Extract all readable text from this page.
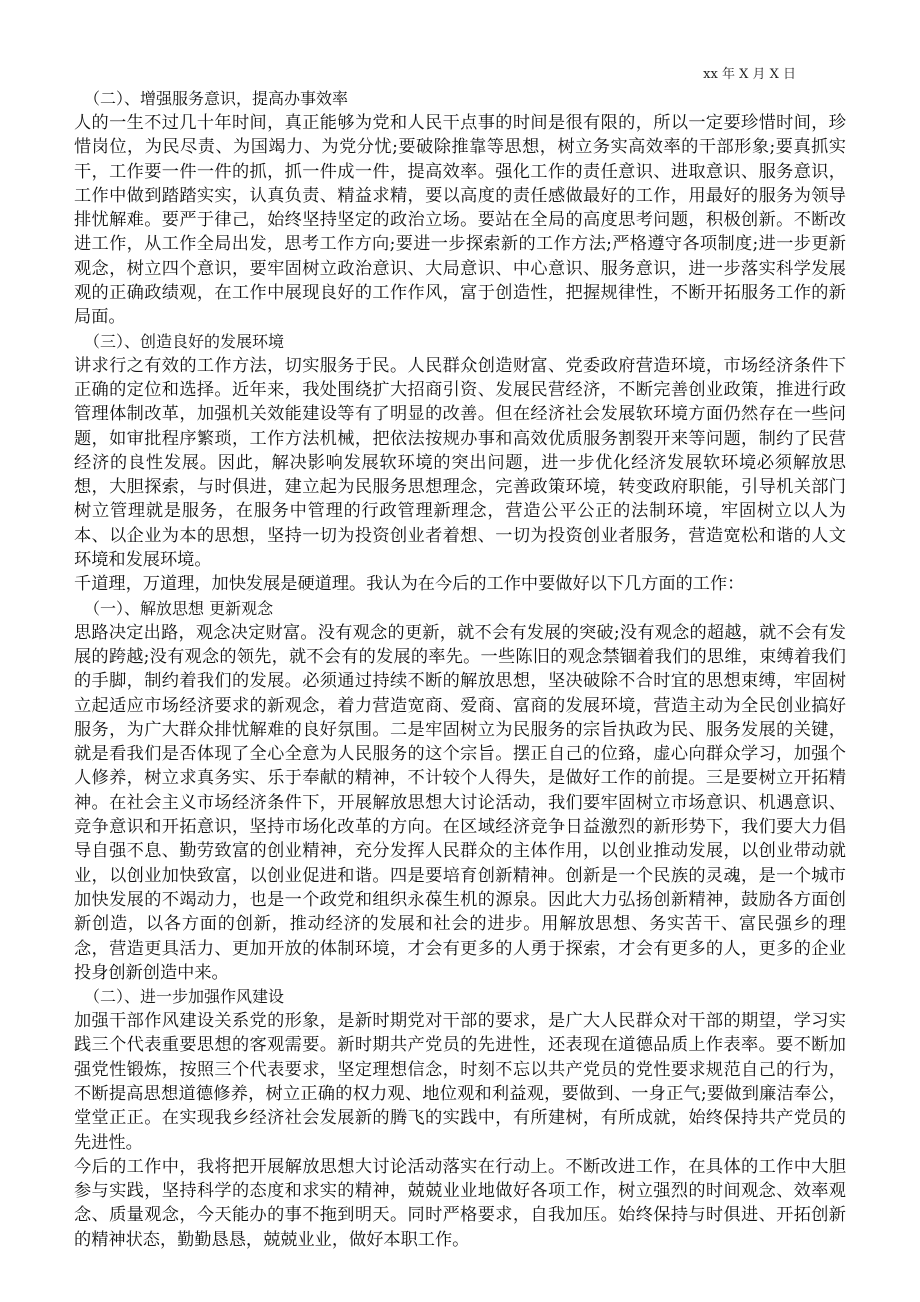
xx 年 X 月 X 日

（二）、增强服务意识，提高办事效率

人的一生不过几十年时间，真正能够为党和人民干点事的时间是很有限的，所以一定要珍惜时间，珍惜岗位，为民尽责、为国竭力、为党分忧;要破除推靠等思想，树立务实高效率的干部形象;要真抓实干，工作要一件一件的抓，抓一件成一件，提高效率。强化工作的责任意识、进取意识、服务意识，工作中做到踏踏实实，认真负责、精益求精，要以高度的责任感做最好的工作，用最好的服务为领导排忧解难。要严于律己，始终坚持坚定的政治立场。要站在全局的高度思考问题，积极创新。不断改进工作，从工作全局出发，思考工作方向;要进一步探索新的工作方法;严格遵守各项制度;进一步更新观念，树立四个意识，要牢固树立政治意识、大局意识、中心意识、服务意识，进一步落实科学发展观的正确政绩观，在工作中展现良好的工作作风，富于创造性，把握规律性，不断开拓服务工作的新局面。

（三）、创造良好的发展环境

讲求行之有效的工作方法，切实服务于民。人民群众创造财富、党委政府营造环境，市场经济条件下正确的定位和选择。近年来，我处围绕扩大招商引资、发展民营经济，不断完善创业政策，推进行政管理体制改革，加强机关效能建设等有了明显的改善。但在经济社会发展软环境方面仍然存在一些问题，如审批程序繁琐，工作方法机械，把依法按规办事和高效优质服务割裂开来等问题，制约了民营经济的良性发展。因此，解决影响发展软环境的突出问题，进一步优化经济发展软环境必须解放思想，大胆探索，与时俱进，建立起为民服务思想理念，完善政策环境，转变政府职能，引导机关部门树立管理就是服务，在服务中管理的行政管理新理念，营造公平公正的法制环境，牢固树立以人为本、以企业为本的思想，坚持一切为投资创业者着想、一切为投资创业者服务，营造宽松和谐的人文环境和发展环境。

千道理，万道理，加快发展是硬道理。我认为在今后的工作中要做好以下几方面的工作：

（一）、解放思想 更新观念

思路决定出路，观念决定财富。没有观念的更新，就不会有发展的突破;没有观念的超越，就不会有发展的跨越;没有观念的领先，就不会有的发展的率先。一些陈旧的观念禁锢着我们的思维，束缚着我们的手脚，制约着我们的发展。必须通过持续不断的解放思想，坚决破除不合时宜的思想束缚，牢固树立起适应市场经济要求的新观念，着力营造宽商、爱商、富商的发展环境，营造主动为全民创业搞好服务，为广大群众排忧解难的良好氛围。二是牢固树立为民服务的宗旨执政为民、服务发展的关键，就是看我们是否体现了全心全意为人民服务的这个宗旨。摆正自己的位臵，虚心向群众学习，加强个人修养，树立求真务实、乐于奉献的精神，不计较个人得失，是做好工作的前提。三是要树立开拓精神。在社会主义市场经济条件下，开展解放思想大讨论活动，我们要牢固树立市场意识、机遇意识、竞争意识和开拓意识，坚持市场化改革的方向。在区域经济竞争日益激烈的新形势下，我们要大力倡导自强不息、勤劳致富的创业精神，充分发挥人民群众的主体作用，以创业推动发展，以创业带动就业，以创业加快致富，以创业促进和谐。四是要培育创新精神。创新是一个民族的灵魂，是一个城市加快发展的不竭动力，也是一个政党和组织永葆生机的源泉。因此大力弘扬创新精神，鼓励各方面创新创造，以各方面的创新，推动经济的发展和社会的进步。用解放思想、务实苦干、富民强乡的理念，营造更具活力、更加开放的体制环境，才会有更多的人勇于探索，才会有更多的人，更多的企业投身创新创造中来。

（二）、进一步加强作风建设

加强干部作风建设关系党的形象，是新时期党对干部的要求，是广大人民群众对干部的期望，学习实践三个代表重要思想的客观需要。新时期共产党员的先进性，还表现在道德品质上作表率。要不断加强党性锻炼，按照三个代表要求，坚定理想信念，时刻不忘以共产党员的党性要求规范自己的行为，不断提高思想道德修养，树立正确的权力观、地位观和利益观，要做到、一身正气;要做到廉洁奉公，堂堂正正。在实现我乡经济社会发展新的腾飞的实践中，有所建树，有所成就，始终保持共产党员的先进性。

今后的工作中，我将把开展解放思想大讨论活动落实在行动上。不断改进工作，在具体的工作中大胆参与实践，坚持科学的态度和求实的精神，兢兢业业地做好各项工作，树立强烈的时间观念、效率观念、质量观念，今天能办的事不拖到明天。同时严格要求，自我加压。始终保持与时俱进、开拓创新的精神状态，勤勤恳恳，兢兢业业，做好本职工作。
